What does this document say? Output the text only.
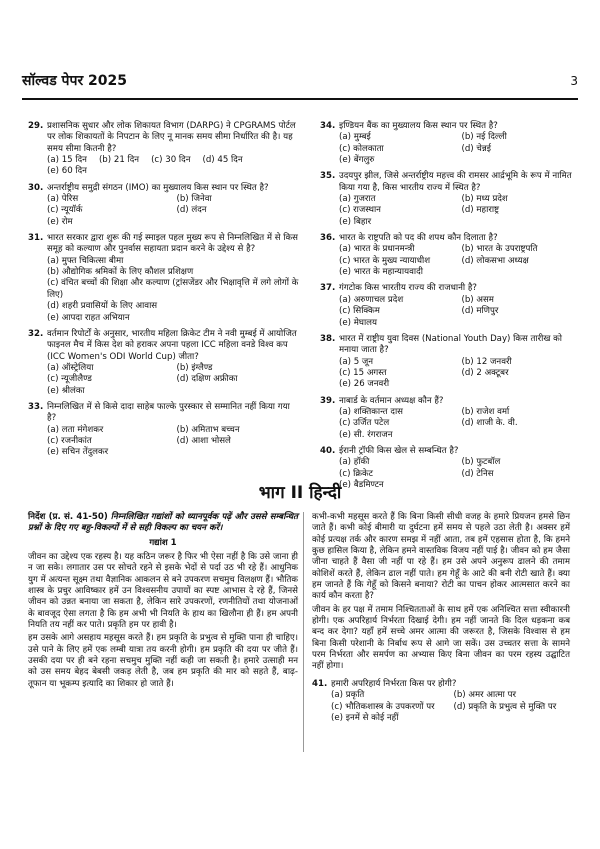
सॉल्वड पेपर 2025	3
29. प्रशासनिक सुधार और लोक शिकायत विभाग (DARPG) ने CPGRAMS पोर्टल पर लोक शिकायतों के निपटान के लिए नू मानक समय सीमा निर्धारित की है। यह समय सीमा कितनी है?
(a) 15 दिन (b) 21 दिन (c) 30 दिन (d) 45 दिन
(e) 60 दिन
30. अन्तर्राष्ट्रीय समुद्री संगठन (IMO) का मुख्यालय किस स्थान पर स्थित है?
(a) पेरिस	(b) जिनेवा
(c) न्यूयॉर्क	(d) लंदन
(e) रोम
31. भारत सरकार द्वारा शुरू की गई स्माइल पहल मुख्य रूप से निम्नलिखित में से किस समूह को कल्याण और पुनर्वास सहायता प्रदान करने के उद्देश्य से है?
(a) मुफ्त चिकित्सा बीमा
(b) औद्योगिक श्रमिकों के लिए कौशल प्रशिक्षण
(c) वंचित बच्चों की शिक्षा और कल्याण (ट्रांसजेंडर और भिक्षावृत्ति में लगे लोगों के लिए)
(d) शहरी प्रवासियों के लिए आवास
(e) आपदा राहत अभियान
32. वर्तमान रिपोर्टों के अनुसार, भारतीय महिला क्रिकेट टीम ने नवी मुम्बई में आयोजित फाइनल मैच में किस देश को हराकर अपना पहला ICC महिला वनडे विश्व कप (ICC Women's ODI World Cup) जीता?
(a) ऑस्ट्रेलिया	(b) इंग्लैण्ड
(c) न्यूजीलैण्ड	(d) दक्षिण अफ्रीका
(e) श्रीलंका
33. निम्नलिखित में से किसे दादा साहेब फाल्के पुरस्कार से सम्मानित नहीं किया गया है?
(a) लता मंगेशकर	(b) अमिताभ बच्चन
(c) रजनीकांत	(d) आशा भोसले
(e) सचिन तेंदुलकर
34. इण्डियन बैंक का मुख्यालय किस स्थान पर स्थित है?
(a) मुम्बई	(b) नई दिल्ली
(c) कोलकाता	(d) चेन्नई
(e) बेंगलुरु
35. उदयपुर झील, जिसे अन्तर्राष्ट्रीय महत्त्व की रामसर आर्द्रभूमि के रूप में नामित किया गया है, किस भारतीय राज्य में स्थित है?
(a) गुजरात	(b) मध्य प्रदेश
(c) राजस्थान	(d) महाराष्ट्र
(e) बिहार
36. भारत के राष्ट्रपति को पद की शपथ कौन दिलाता है?
(a) भारत के प्रधानमन्त्री	(b) भारत के उपराष्ट्रपति
(c) भारत के मुख्य न्यायाधीश	(d) लोकसभा अध्यक्ष
(e) भारत के महान्यायवादी
37. गंगटोक किस भारतीय राज्य की राजधानी है?
(a) अरुणाचल प्रदेश	(b) असम
(c) सिक्किम	(d) मणिपुर
(e) मेघालय
38. भारत में राष्ट्रीय युवा दिवस (National Youth Day) किस तारीख को मनाया जाता है?
(a) 5 जून	(b) 12 जनवरी
(c) 15 अगस्त	(d) 2 अक्टूबर
(e) 26 जनवरी
39. नाबार्ड के वर्तमान अध्यक्ष कौन हैं?
(a) शक्तिकान्त दास	(b) राजेश वर्मा
(c) उर्जित पटेल	(d) शाजी के. वी.
(e) सी. रंगराजन
40. ईरानी ट्रॉफी किस खेल से सम्बन्धित है?
(a) हॉकी	(b) फुटबॉल
(c) क्रिकेट	(d) टेनिस
(e) बैडमिण्टन
भाग II हिन्दी

निर्देश (प्र. सं. 41-50) निम्नलिखित गद्यांशों को ध्यानपूर्वक पढ़ें और उससे सम्बन्धित प्रश्नों के दिए गए बहु-विकल्पों में से सही विकल्प का चयन करें।

गद्यांश 1

जीवन का उद्देश्य एक रहस्य है। यह कठिन जरूर है फिर भी ऐसा नहीं है कि उसे जाना ही न जा सके। लगातार उस पर सोचते रहने से इसके भेदों से पर्दा उठ भी रहे हैं। आधुनिक युग में अत्यन्त सूक्ष्म तथा वैज्ञानिक आकलन से बने उपकरण सचमुच विलक्षण हैं। भौतिक शास्त्र के प्रचुर आविष्कार हमें उन विश्वसनीय उपायों का स्पष्ट आभास दे रहे हैं, जिनसे जीवन को उन्नत बनाया जा सकता है, लेकिन सारे उपकरणों, रणनीतियों तथा योजनाओं के बावजूद ऐसा लगता है कि हम अभी भी नियति के हाथ का खिलौना ही हैं। हम अपनी नियति तय नहीं कर पाते। प्रकृति हम पर हावी है।

हम उसके आगे असहाय महसूस करते हैं। हम प्रकृति के प्रभुत्व से मुक्ति पाना ही चाहिए। उसे पाने के लिए हमें एक लम्बी यात्रा तय करनी होगी। हम प्रकृति की दया पर जीते हैं। उसकी दया पर ही बने रहना सचमुच मुक्ति नहीं कही जा सकती है। हमारे उत्साही मन को उस समय बेहद बेबसी जकड़ लेती है, जब हम प्रकृति की मार को सहते हैं, बाढ़-तूफान या भूकम्प इत्यादि का शिकार हो जाते हैं।

कभी-कभी महसूस करते हैं कि बिना किसी सीधी वजह के हमारे प्रियजन हमसे छिन जाते हैं। कभी कोई बीमारी या दुर्घटना हमें समय से पहले उठा लेती है। अक्सर हमें कोई प्रत्यक्ष तर्क और कारण समझ में नहीं आता, तब हमें एहसास होता है, कि हमने कुछ हासिल किया है, लेकिन हमने वास्तविक विजय नहीं पाई है। जीवन को हम जैसा जीना चाहते हैं वैसा जी नहीं पा रहे हैं। हम उसे अपने अनुरूप ढालने की तमाम कोशिशें करते हैं, लेकिन ढाल नहीं पाते। हम गेहूँ के आटे की बनी रोटी खाते हैं। क्या हम जानते हैं कि गेहूँ को किसने बनाया? रोटी का पाचन होकर आत्मसात करने का कार्य कौन करता है?

जीवन के हर पक्ष में तमाम निश्चितताओं के साथ हमें एक अनिश्चित सत्ता स्वीकारनी होगी। एक अपरिहार्य निर्भरता दिखाई देगी। हम नहीं जानते कि दिल धड़कना कब बन्द कर देगा? यहाँ हमें सच्चे अमर आत्मा की जरूरत है, जिसके विश्वास से हम बिना किसी परेशानी के निर्बाध रूप से आगे जा सकें। उस उच्चतर सत्ता के सामने परम निर्भरता और समर्पण का अभ्यास किए बिना जीवन का परम रहस्य उद्घाटित नहीं होगा।

41. हमारी अपरिहार्य निर्भरता किस पर होगी?
(a) प्रकृति	(b) अमर आत्मा पर
(c) भौतिकशास्त्र के उपकरणों पर	(d) प्रकृति के प्रभुत्व से मुक्ति पर
(e) इनमें से कोई नहीं
